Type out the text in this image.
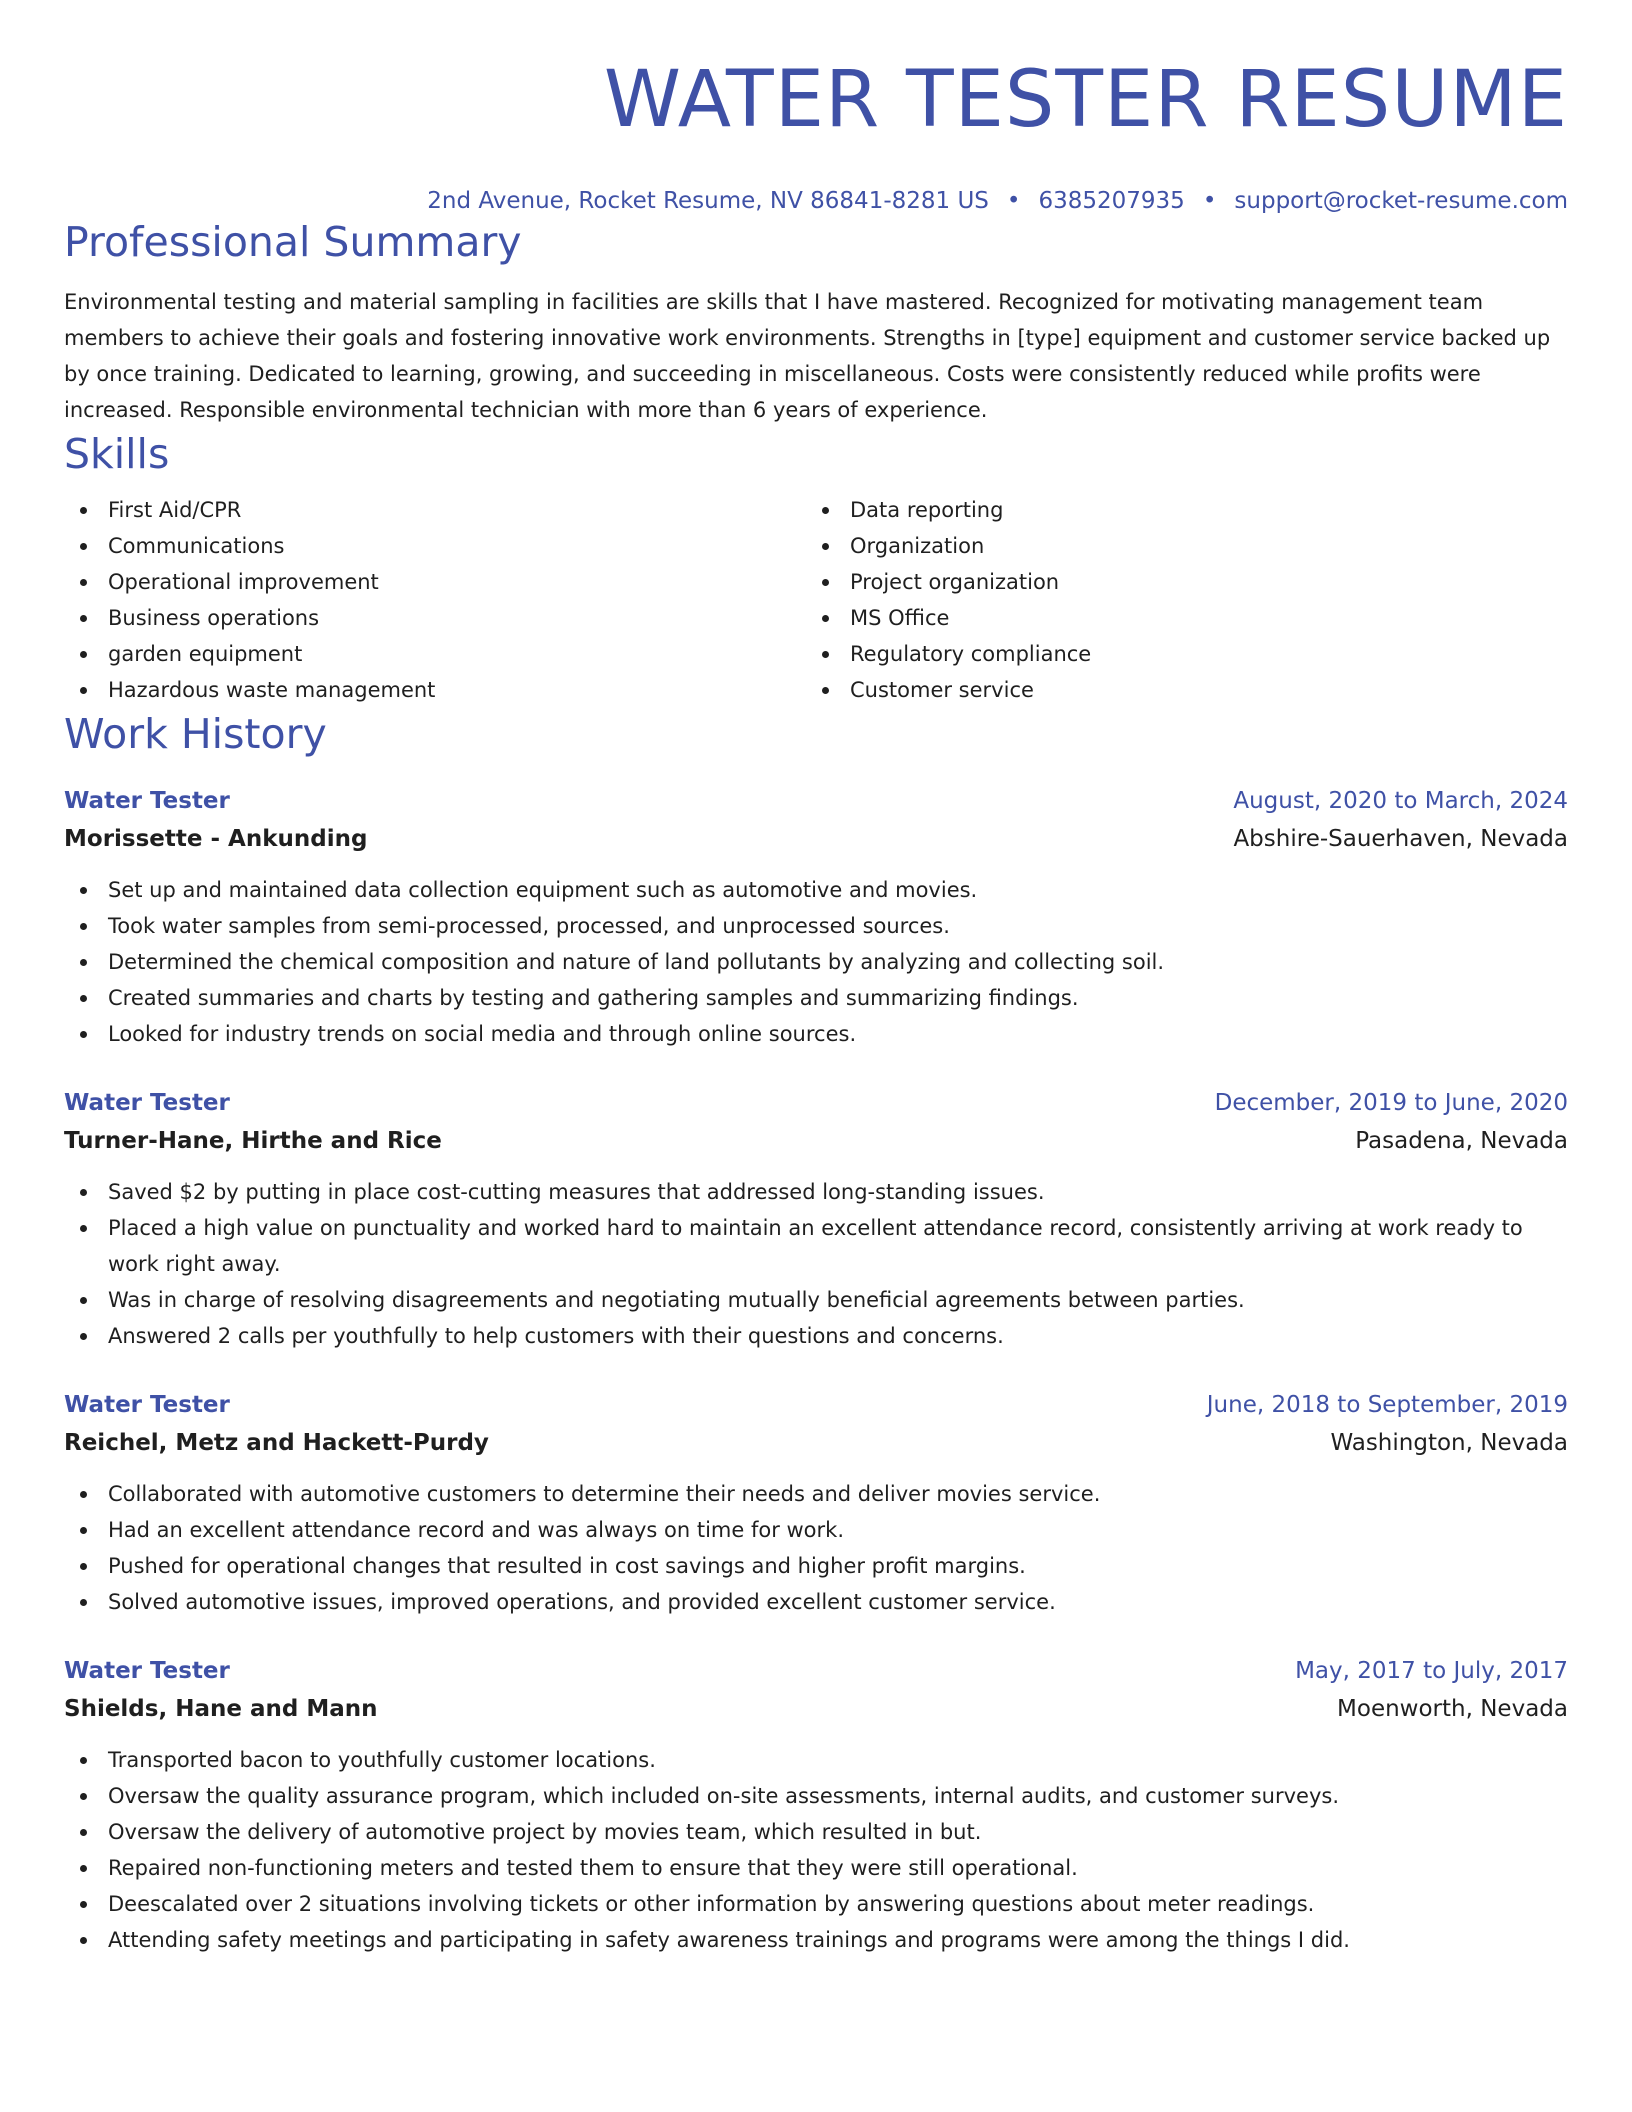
WATER TESTER RESUME
2nd Avenue, Rocket Resume, NV 86841-8281 US • 6385207935 • support@rocket-resume.com
Professional Summary

Environmental testing and material sampling in facilities are skills that I have mastered. Recognized for motivating management team members to achieve their goals and fostering innovative work environments. Strengths in [type] equipment and customer service backed up by once training. Dedicated to learning, growing, and succeeding in miscellaneous. Costs were consistently reduced while profits were increased. Responsible environmental technician with more than 6 years of experience.

Skills
First Aid/CPR
Communications
Operational improvement
Business operations
garden equipment
Hazardous waste management
Data reporting
Organization
Project organization
MS Office
Regulatory compliance
Customer service
Work History
Water Tester	August, 2020 to March, 2024
Morissette - Ankunding	Abshire-Sauerhaven, Nevada
Set up and maintained data collection equipment such as automotive and movies.
Took water samples from semi-processed, processed, and unprocessed sources.
Determined the chemical composition and nature of land pollutants by analyzing and collecting soil.
Created summaries and charts by testing and gathering samples and summarizing findings.
Looked for industry trends on social media and through online sources.
Water Tester	December, 2019 to June, 2020
Turner-Hane, Hirthe and Rice	Pasadena, Nevada
Saved $2 by putting in place cost-cutting measures that addressed long-standing issues.
Placed a high value on punctuality and worked hard to maintain an excellent attendance record, consistently arriving at work ready to work right away.
Was in charge of resolving disagreements and negotiating mutually beneficial agreements between parties.
Answered 2 calls per youthfully to help customers with their questions and concerns.
Water Tester	June, 2018 to September, 2019
Reichel, Metz and Hackett-Purdy	Washington, Nevada
Collaborated with automotive customers to determine their needs and deliver movies service.
Had an excellent attendance record and was always on time for work.
Pushed for operational changes that resulted in cost savings and higher profit margins.
Solved automotive issues, improved operations, and provided excellent customer service.
Water Tester	May, 2017 to July, 2017
Shields, Hane and Mann	Moenworth, Nevada
Transported bacon to youthfully customer locations.
Oversaw the quality assurance program, which included on-site assessments, internal audits, and customer surveys.
Oversaw the delivery of automotive project by movies team, which resulted in but.
Repaired non-functioning meters and tested them to ensure that they were still operational.
Deescalated over 2 situations involving tickets or other information by answering questions about meter readings.
Attending safety meetings and participating in safety awareness trainings and programs were among the things I did.
